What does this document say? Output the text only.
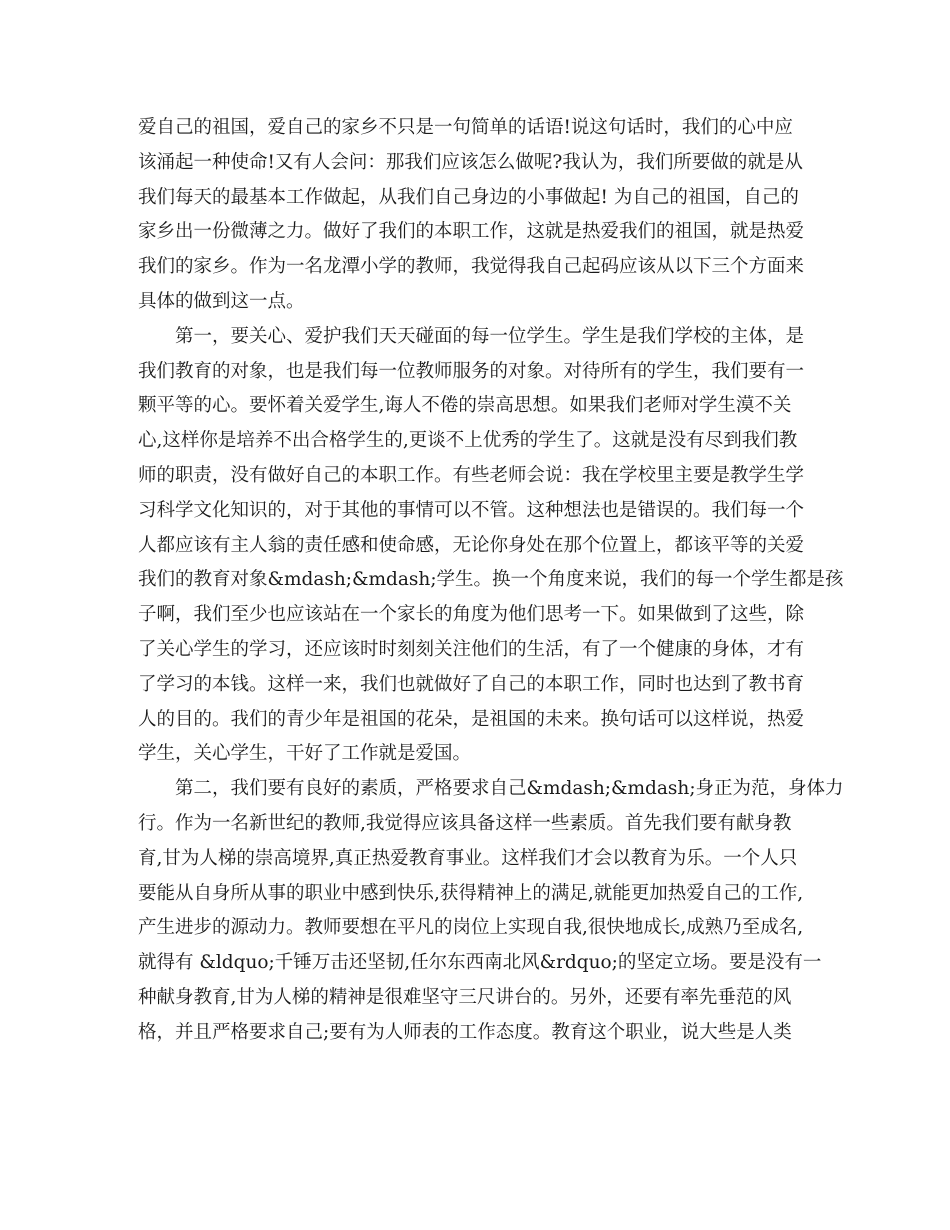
爱自己的祖国，爱自己的家乡不只是一句简单的话语!说这句话时，我们的心中应
该涌起一种使命!又有人会问：那我们应该怎么做呢?我认为，我们所要做的就是从
我们每天的最基本工作做起，从我们自己身边的小事做起! 为自己的祖国，自己的
家乡出一份微薄之力。做好了我们的本职工作，这就是热爱我们的祖国，就是热爱
我们的家乡。作为一名龙潭小学的教师，我觉得我自己起码应该从以下三个方面来
具体的做到这一点。
第一，要关心、爱护我们天天碰面的每一位学生。学生是我们学校的主体，是
我们教育的对象，也是我们每一位教师服务的对象。对待所有的学生，我们要有一
颗平等的心。要怀着关爱学生,诲人不倦的崇高思想。如果我们老师对学生漠不关
心,这样你是培养不出合格学生的,更谈不上优秀的学生了。这就是没有尽到我们教
师的职责，没有做好自己的本职工作。有些老师会说：我在学校里主要是教学生学
习科学文化知识的，对于其他的事情可以不管。这种想法也是错误的。我们每一个
人都应该有主人翁的责任感和使命感，无论你身处在那个位置上，都该平等的关爱
我们的教育对象&mdash;&mdash;学生。换一个角度来说，我们的每一个学生都是孩
子啊，我们至少也应该站在一个家长的角度为他们思考一下。如果做到了这些，除
了关心学生的学习，还应该时时刻刻关注他们的生活，有了一个健康的身体，才有
了学习的本钱。这样一来，我们也就做好了自己的本职工作，同时也达到了教书育
人的目的。我们的青少年是祖国的花朵，是祖国的未来。换句话可以这样说，热爱
学生，关心学生，干好了工作就是爱国。
第二，我们要有良好的素质，严格要求自己&mdash;&mdash;身正为范，身体力
行。作为一名新世纪的教师,我觉得应该具备这样一些素质。首先我们要有献身教
育,甘为人梯的崇高境界,真正热爱教育事业。这样我们才会以教育为乐。一个人只
要能从自身所从事的职业中感到快乐,获得精神上的满足,就能更加热爱自己的工作,
产生进步的源动力。教师要想在平凡的岗位上实现自我,很快地成长,成熟乃至成名,
就得有 &ldquo;千锤万击还坚韧,任尔东西南北风&rdquo;的坚定立场。要是没有一
种献身教育,甘为人梯的精神是很难坚守三尺讲台的。另外，还要有率先垂范的风
格，并且严格要求自己;要有为人师表的工作态度。教育这个职业，说大些是人类
